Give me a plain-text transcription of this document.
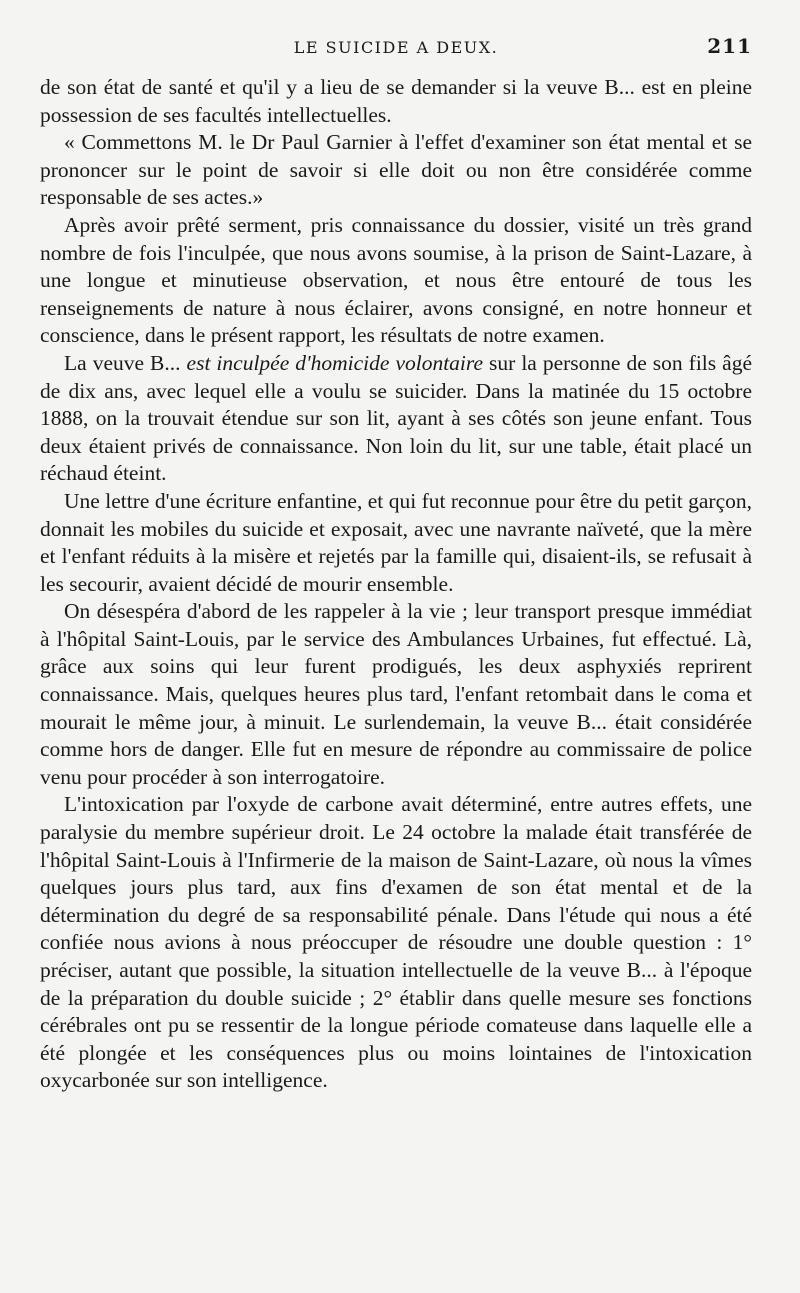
LE SUICIDE A DEUX.	211

de son état de santé et qu'il y a lieu de se demander si la veuve B... est en pleine possession de ses facultés intellectuelles.

« Commettons M. le Dr Paul Garnier à l'effet d'examiner son état mental et se prononcer sur le point de savoir si elle doit ou non être considérée comme responsable de ses actes.»

Après avoir prêté serment, pris connaissance du dossier, visité un très grand nombre de fois l'inculpée, que nous avons soumise, à la prison de Saint-Lazare, à une longue et minutieuse observation, et nous être entouré de tous les renseignements de nature à nous éclairer, avons consigné, en notre honneur et conscience, dans le présent rapport, les résultats de notre examen.

La veuve B... est inculpée d'homicide volontaire sur la personne de son fils âgé de dix ans, avec lequel elle a voulu se suicider. Dans la matinée du 15 octobre 1888, on la trouvait étendue sur son lit, ayant à ses côtés son jeune enfant. Tous deux étaient privés de connaissance. Non loin du lit, sur une table, était placé un réchaud éteint.

Une lettre d'une écriture enfantine, et qui fut reconnue pour être du petit garçon, donnait les mobiles du suicide et exposait, avec une navrante naïveté, que la mère et l'enfant réduits à la misère et rejetés par la famille qui, disaient-ils, se refusait à les secourir, avaient décidé de mourir ensemble.

On désespéra d'abord de les rappeler à la vie ; leur transport presque immédiat à l'hôpital Saint-Louis, par le service des Ambulances Urbaines, fut effectué. Là, grâce aux soins qui leur furent prodigués, les deux asphyxiés reprirent connaissance. Mais, quelques heures plus tard, l'enfant retombait dans le coma et mourait le même jour, à minuit. Le surlendemain, la veuve B... était considérée comme hors de danger. Elle fut en mesure de répondre au commissaire de police venu pour procéder à son interrogatoire.

L'intoxication par l'oxyde de carbone avait déterminé, entre autres effets, une paralysie du membre supérieur droit. Le 24 octobre la malade était transférée de l'hôpital Saint-Louis à l'Infirmerie de la maison de Saint-Lazare, où nous la vîmes quelques jours plus tard, aux fins d'examen de son état mental et de la détermination du degré de sa responsabilité pénale. Dans l'étude qui nous a été confiée nous avions à nous préoccuper de résoudre une double question : 1° préciser, autant que possible, la situation intellectuelle de la veuve B... à l'époque de la préparation du double suicide ; 2° établir dans quelle mesure ses fonctions cérébrales ont pu se ressentir de la longue période comateuse dans laquelle elle a été plongée et les conséquences plus ou moins lointaines de l'intoxication oxycarbonée sur son intelligence.
